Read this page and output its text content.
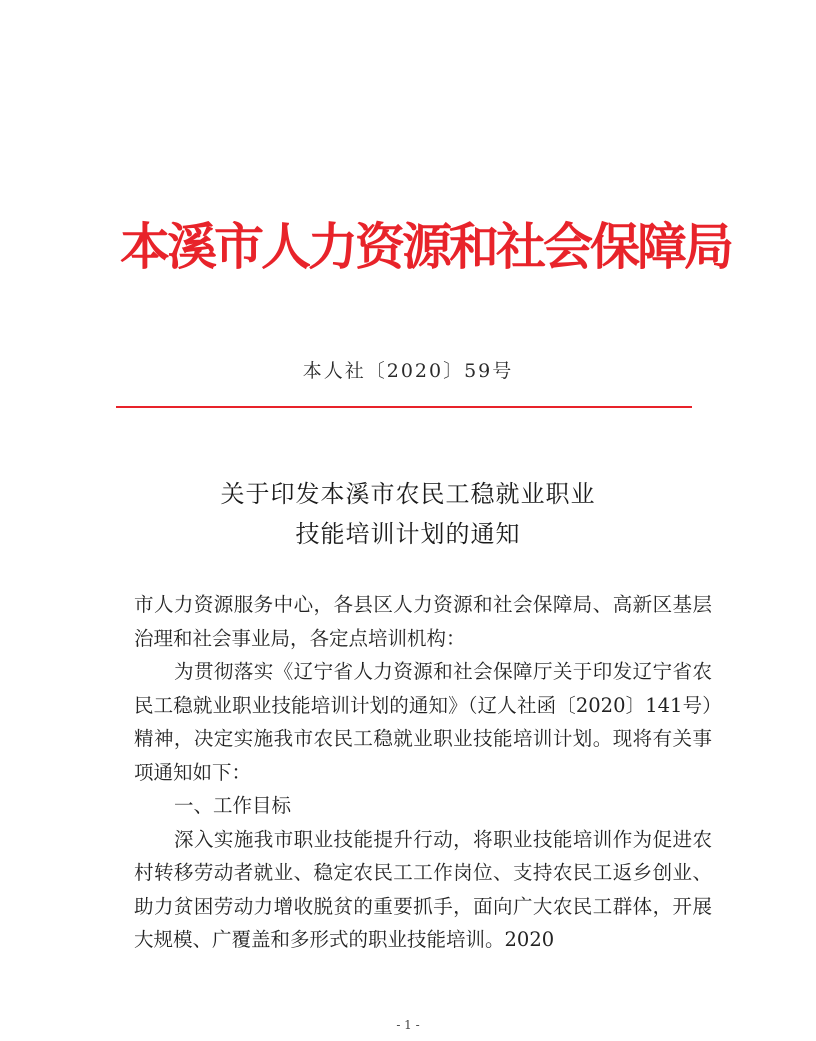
本溪市人力资源和社会保障局
本人社〔2020〕59号
关于印发本溪市农民工稳就业职业
技能培训计划的通知

市人力资源服务中心，各县区人力资源和社会保障局、高新区基层治理和社会事业局，各定点培训机构：

为贯彻落实《辽宁省人力资源和社会保障厅关于印发辽宁省农民工稳就业职业技能培训计划的通知》（辽人社函〔2020〕141号）精神，决定实施我市农民工稳就业职业技能培训计划。现将有关事项通知如下：

一、工作目标

深入实施我市职业技能提升行动，将职业技能培训作为促进农村转移劳动者就业、稳定农民工工作岗位、支持农民工返乡创业、助力贫困劳动力增收脱贫的重要抓手，面向广大农民工群体，开展大规模、广覆盖和多形式的职业技能培训。2020

- 1 -
